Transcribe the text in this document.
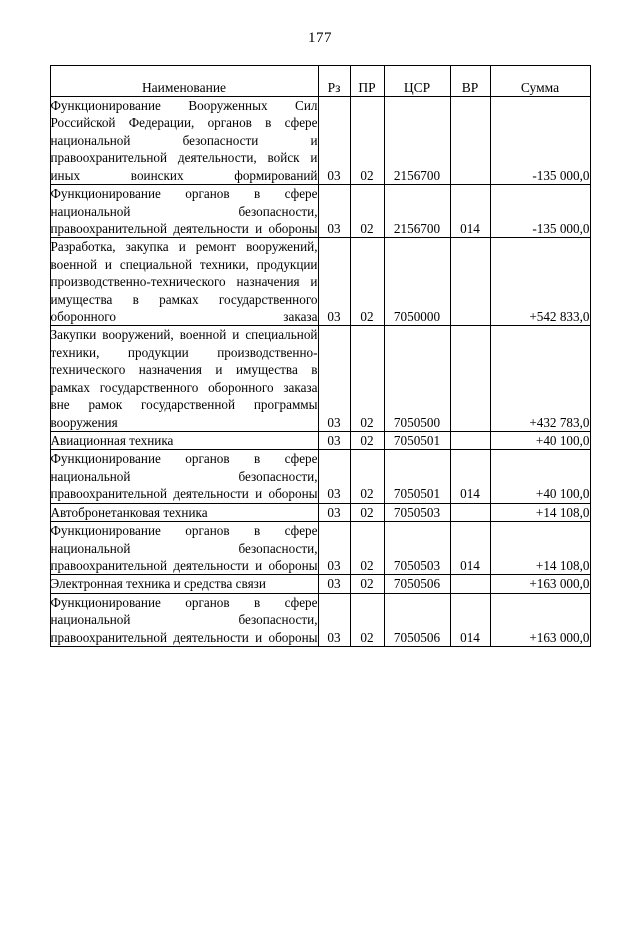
177
Наименование	Рз	ПР	ЦСР	ВР	Сумма
Функционирование Вооруженных Сил Российской Федерации, органов в сфере национальной безопасности и правоохранительной деятельности, войск и иных воинских формирований	03	02	2156700		-135 000,0
Функционирование органов в сфере национальной безопасности, правоохранительной деятельности и обороны	03	02	2156700	014	-135 000,0
Разработка, закупка и ремонт вооружений, военной и специальной техники, продукции производственно-технического назначения и имущества в рамках государственного оборонного заказа	03	02	7050000		+542 833,0
Закупки вооружений, военной и специальной техники, продукции производственно-технического назначения и имущества в рамках государственного оборонного заказа вне рамок государственной программы вооружения	03	02	7050500		+432 783,0
Авиационная техника	03	02	7050501		+40 100,0
Функционирование органов в сфере национальной безопасности, правоохранительной деятельности и обороны	03	02	7050501	014	+40 100,0
Автобронетанковая техника	03	02	7050503		+14 108,0
Функционирование органов в сфере национальной безопасности, правоохранительной деятельности и обороны	03	02	7050503	014	+14 108,0
Электронная техника и средства связи	03	02	7050506		+163 000,0
Функционирование органов в сфере национальной безопасности, правоохранительной деятельности и обороны	03	02	7050506	014	+163 000,0
